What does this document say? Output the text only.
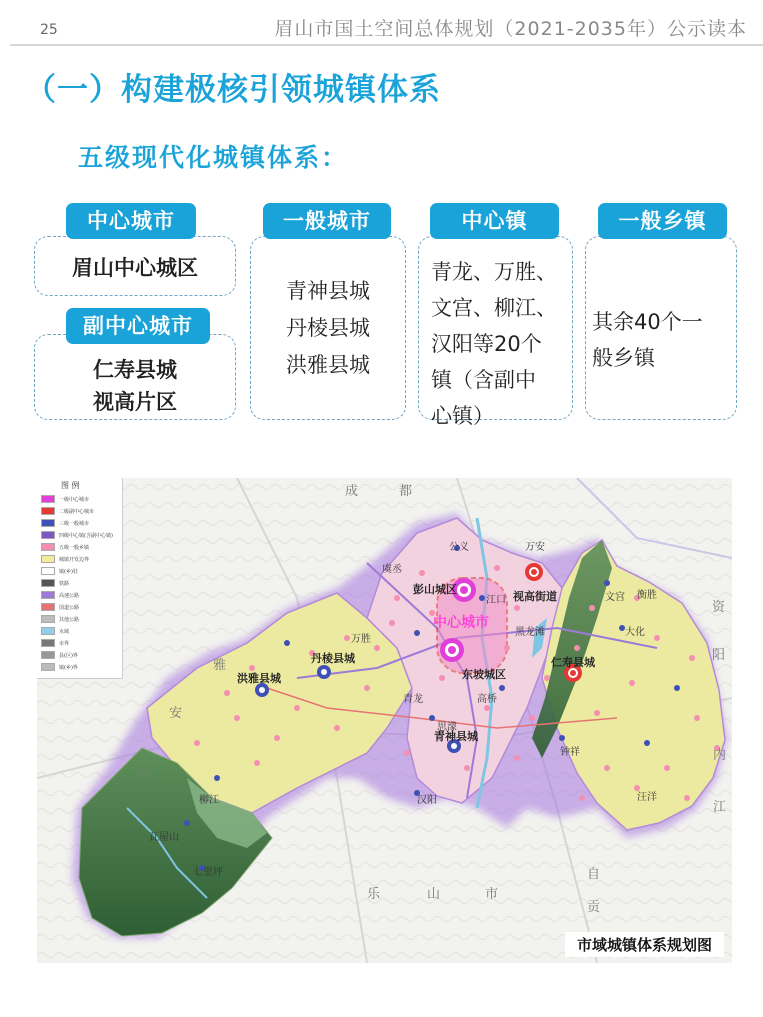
25	眉山市国土空间总体规划（2021-2035年）公示读本
（一）构建极核引领城镇体系
五级现代化城镇体系：
中心城市
眉山中心城区
副中心城市
仁寿县城
视高片区
一般城市
青神县城
丹棱县城
洪雅县城
中心镇
青龙、万胜、
文宫、柳江、
汉阳等20个
镇（含副中
心镇）
一般乡镇
其余40个一
般乡镇
图 例
一级中心城市
二级副中心城市
三级一般城市
四级中心镇(含副中心镇)
五级一般乡镇
城镇开发边界
镇(乡)驻
铁路
高速公路
国道公路
其他公路
水域
市界
县(区)界
镇(乡)界
成	都
雅
安
市
乐	山	市
资
阳
内
江
自
贡
中心城市
彭山城区
东坡城区
视高街道
仁寿县城
丹棱县城
洪雅县城
青神县城
江口
万胜
文宫
柳江	汉阳
青龙
瓦屋山
七里坪
公义	万安
虞丞
衡胜
大化
黑龙滩
钟祥
汪洋
思濛
高桥
市域城镇体系规划图
